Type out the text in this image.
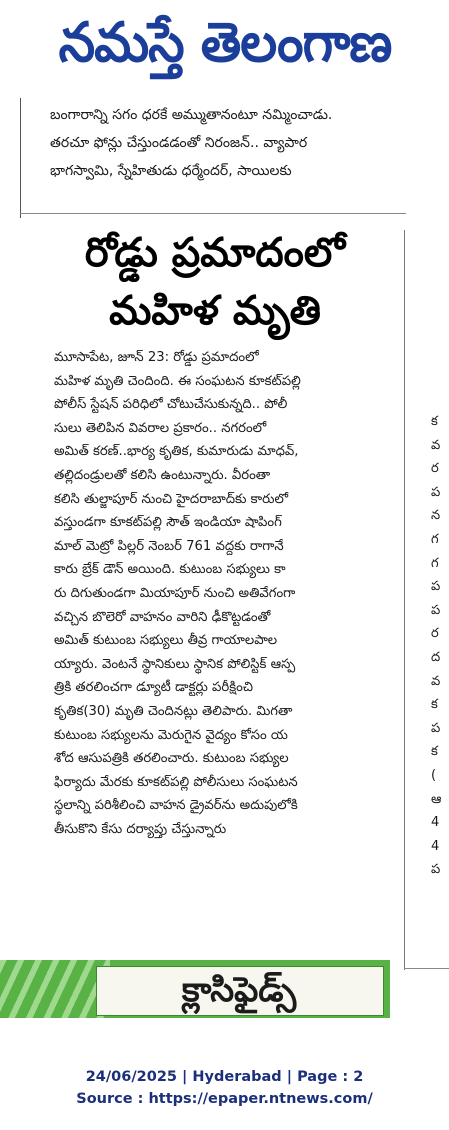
నమస్తే తెలంగాణ
బంగారాన్ని సగం ధరకే అమ్ముతానంటూ నమ్మించాడు.
తరచూ ఫోన్లు చేస్తుండడంతో నిరంజన్‌.. వ్యాపార
భాగస్వామి, స్నేహితుడు ధర్మేందర్‌, సాయిలకు
రోడ్డు ప్రమాదంలో
మహిళ మృతి
మూసాపేట, జూన్‌ 23: రోడ్డు ప్రమాదంలో
మహిళ మృతి చెందింది. ఈ సంఘటన కూకట్‌పల్లి
పోలీస్‌ స్టేషన్‌ పరిధిలో చోటుచేసుకున్నది.. పోలీ
సులు తెలిపిన వివరాల ప్రకారం.. నగరంలో
అమిత్‌ కరణ్‌..భార్య కృతిక, కుమారుడు మాధవ్‌,
తల్లిదండ్రులతో కలిసి ఉంటున్నారు. వీరంతా
కలిసి తుల్జాపూర్‌ నుంచి హైదరాబాద్‌కు కారులో
వస్తుండగా కూకట్‌పల్లి సౌత్‌ ఇండియా షాపింగ్‌
మాల్‌ మెట్రో పిల్లర్‌ నెంబర్‌ 761 వద్దకు రాగానే
కారు బ్రేక్‌ డౌన్‌ అయింది. కుటుంబ సభ్యులు కా
రు దిగుతుండగా మియాపూర్‌ నుంచి అతివేగంగా
వచ్చిన బొలెరో వాహనం వారిని ఢీకొట్టడంతో
అమిత్‌ కుటుంబ సభ్యులు తీవ్ర గాయాలపాల
య్యారు. వెంటనే స్థానికులు స్థానిక పోలిస్టిక్‌ ఆస్ప
త్రికి తరలించగా డ్యూటీ డాక్టర్లు పరీక్షించి
కృతిక(30) మృతి చెందినట్లు తెలిపారు. మిగతా
కుటుంబ సభ్యులను మెరుగైన వైద్యం కోసం య
శోద ఆసుపత్రికి తరలించారు. కుటుంబ సభ్యుల
ఫిర్యాదు మేరకు కూకట్‌పల్లి పోలీసులు సంఘటన
స్థలాన్ని పరిశీలించి వాహన డ్రైవర్‌ను అదుపులోకి
తీసుకొని కేసు దర్యాప్తు చేస్తున్నారు
క
వ
ర
ప
న
గ
గ
ప
ప
ర
ద
వ
క
ప
క
(
ఆ
4
4
ప
క్లాసిఫైడ్స్
24/06/2025 | Hyderabad | Page : 2
Source : https://epaper.ntnews.com/
